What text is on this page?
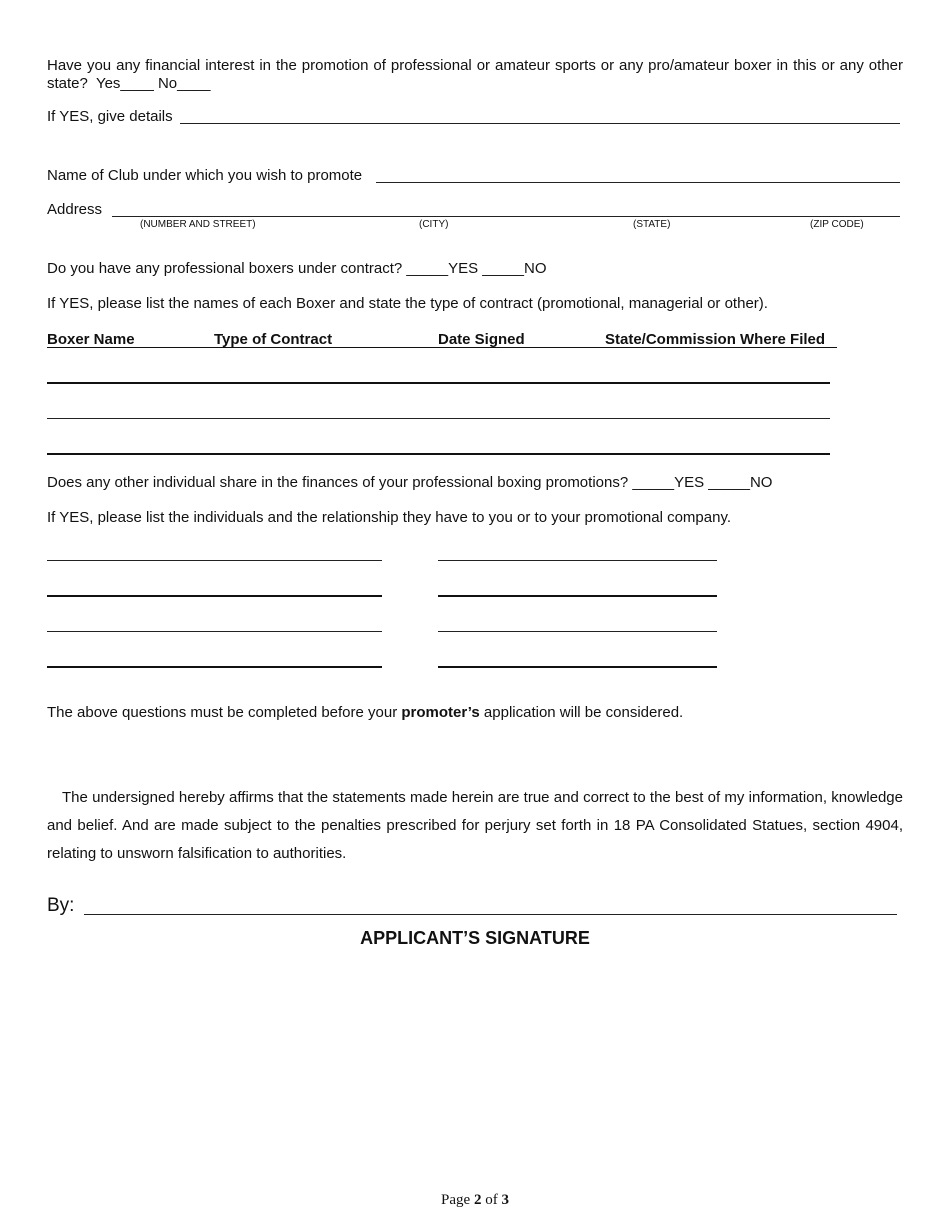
Have you any financial interest in the promotion of professional or amateur sports or any pro/amateur boxer in this or any other state? Yes____ No____
If YES, give details
Name of Club under which you wish to promote
Address
(NUMBER AND STREET)	(CITY)	(STATE)	(ZIP CODE)
Do you have any professional boxers under contract? _____YES _____NO
If YES, please list the names of each Boxer and state the type of contract (promotional, managerial or other).
Boxer Name	Type of Contract	Date Signed	State/Commission Where Filed
Does any other individual share in the finances of your professional boxing promotions? _____YES _____NO
If YES, please list the individuals and the relationship they have to you or to your promotional company.
The above questions must be completed before your promoter’s application will be considered.
The undersigned hereby affirms that the statements made herein are true and correct to the best of my information, knowledge and belief. And are made subject to the penalties prescribed for perjury set forth in 18 PA Consolidated Statues, section 4904, relating to unsworn falsification to authorities.
By:
APPLICANT’S SIGNATURE
Page 2 of 3
